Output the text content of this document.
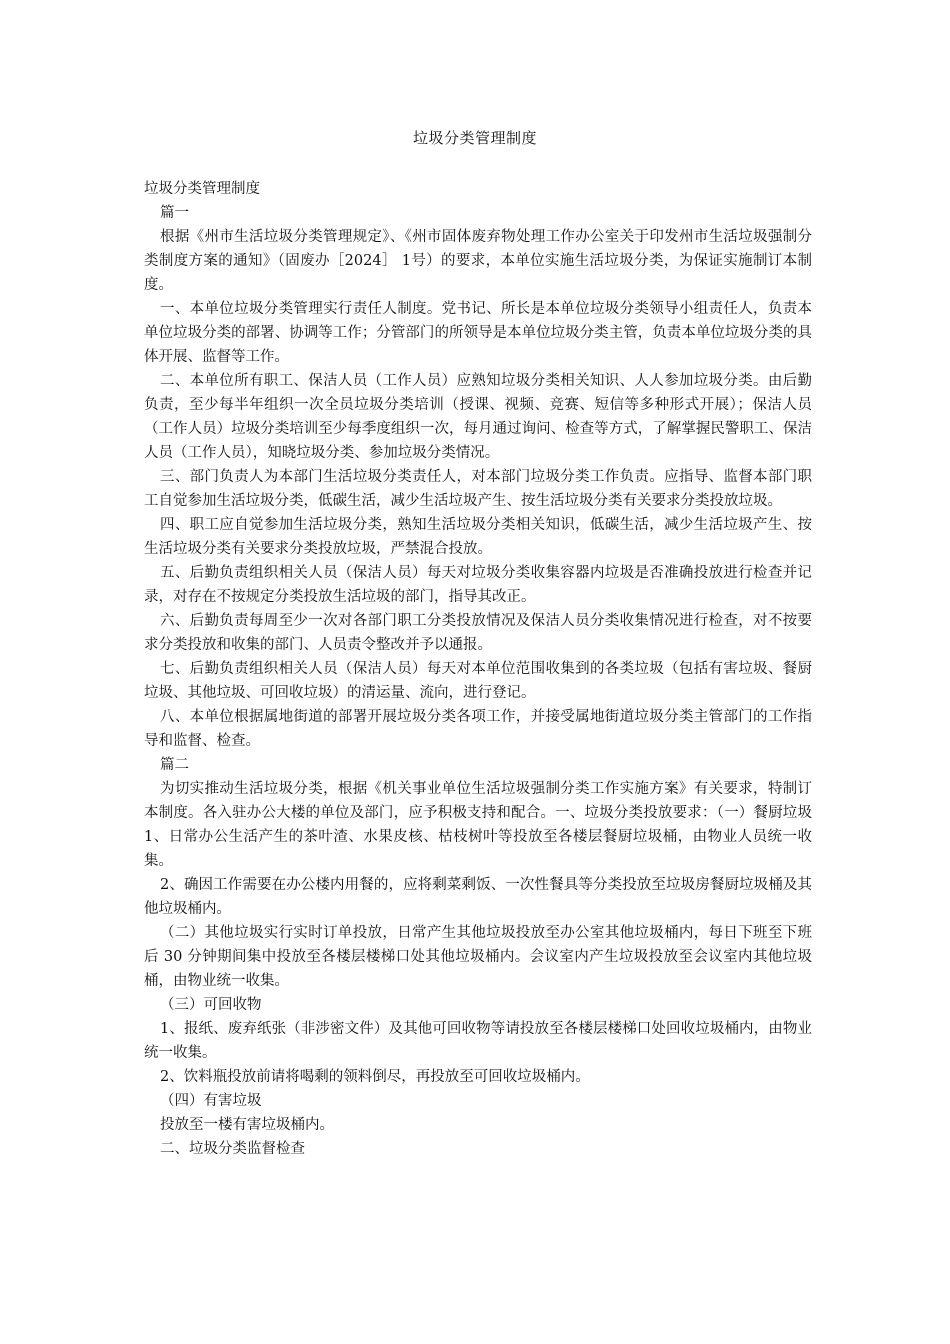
垃圾分类管理制度

垃圾分类管理制度

篇一

根据《州市生活垃圾分类管理规定》、《州市固体废弃物处理工作办公室关于印发州市生活垃圾强制分类制度方案的通知》（固废办［2024］ 1号）的要求，本单位实施生活垃圾分类，为保证实施制订本制度。

一、本单位垃圾分类管理实行责任人制度。党书记、所长是本单位垃圾分类领导小组责任人，负责本单位垃圾分类的部署、协调等工作；分管部门的所领导是本单位垃圾分类主管，负责本单位垃圾分类的具体开展、监督等工作。

二、本单位所有职工、保洁人员（工作人员）应熟知垃圾分类相关知识、人人参加垃圾分类。由后勤负责，至少每半年组织一次全员垃圾分类培训（授课、视频、竞赛、短信等多种形式开展）；保洁人员（工作人员）垃圾分类培训至少每季度组织一次，每月通过询问、检查等方式，了解掌握民警职工、保洁人员（工作人员），知晓垃圾分类、参加垃圾分类情况。

三、部门负责人为本部门生活垃圾分类责任人，对本部门垃圾分类工作负责。应指导、监督本部门职工自觉参加生活垃圾分类，低碳生活，减少生活垃圾产生、按生活垃圾分类有关要求分类投放垃圾。

四、职工应自觉参加生活垃圾分类，熟知生活垃圾分类相关知识，低碳生活，减少生活垃圾产生、按生活垃圾分类有关要求分类投放垃圾，严禁混合投放。

五、后勤负责组织相关人员（保洁人员）每天对垃圾分类收集容器内垃圾是否准确投放进行检查并记录，对存在不按规定分类投放生活垃圾的部门，指导其改正。

六、后勤负责每周至少一次对各部门职工分类投放情况及保洁人员分类收集情况进行检查，对不按要求分类投放和收集的部门、人员责令整改并予以通报。

七、后勤负责组织相关人员（保洁人员）每天对本单位范围收集到的各类垃圾（包括有害垃圾、餐厨垃圾、其他垃圾、可回收垃圾）的清运量、流向，进行登记。

八、本单位根据属地街道的部署开展垃圾分类各项工作，并接受属地街道垃圾分类主管部门的工作指导和监督、检查。

篇二

为切实推动生活垃圾分类，根据《机关事业单位生活垃圾强制分类工作实施方案》有关要求，特制订本制度。各入驻办公大楼的单位及部门，应予积极支持和配合。一、垃圾分类投放要求：（一）餐厨垃圾 1、日常办公生活产生的茶叶渣、水果皮核、枯枝树叶等投放至各楼层餐厨垃圾桶，由物业人员统一收集。

2、确因工作需要在办公楼内用餐的，应将剩菜剩饭、一次性餐具等分类投放至垃圾房餐厨垃圾桶及其他垃圾桶内。

（二）其他垃圾实行实时订单投放，日常产生其他垃圾投放至办公室其他垃圾桶内，每日下班至下班后 30 分钟期间集中投放至各楼层楼梯口处其他垃圾桶内。会议室内产生垃圾投放至会议室内其他垃圾桶，由物业统一收集。

（三）可回收物

1、报纸、废弃纸张（非涉密文件）及其他可回收物等请投放至各楼层楼梯口处回收垃圾桶内，由物业统一收集。

2、饮料瓶投放前请将喝剩的领料倒尽，再投放至可回收垃圾桶内。

（四）有害垃圾

投放至一楼有害垃圾桶内。

二、垃圾分类监督检查
